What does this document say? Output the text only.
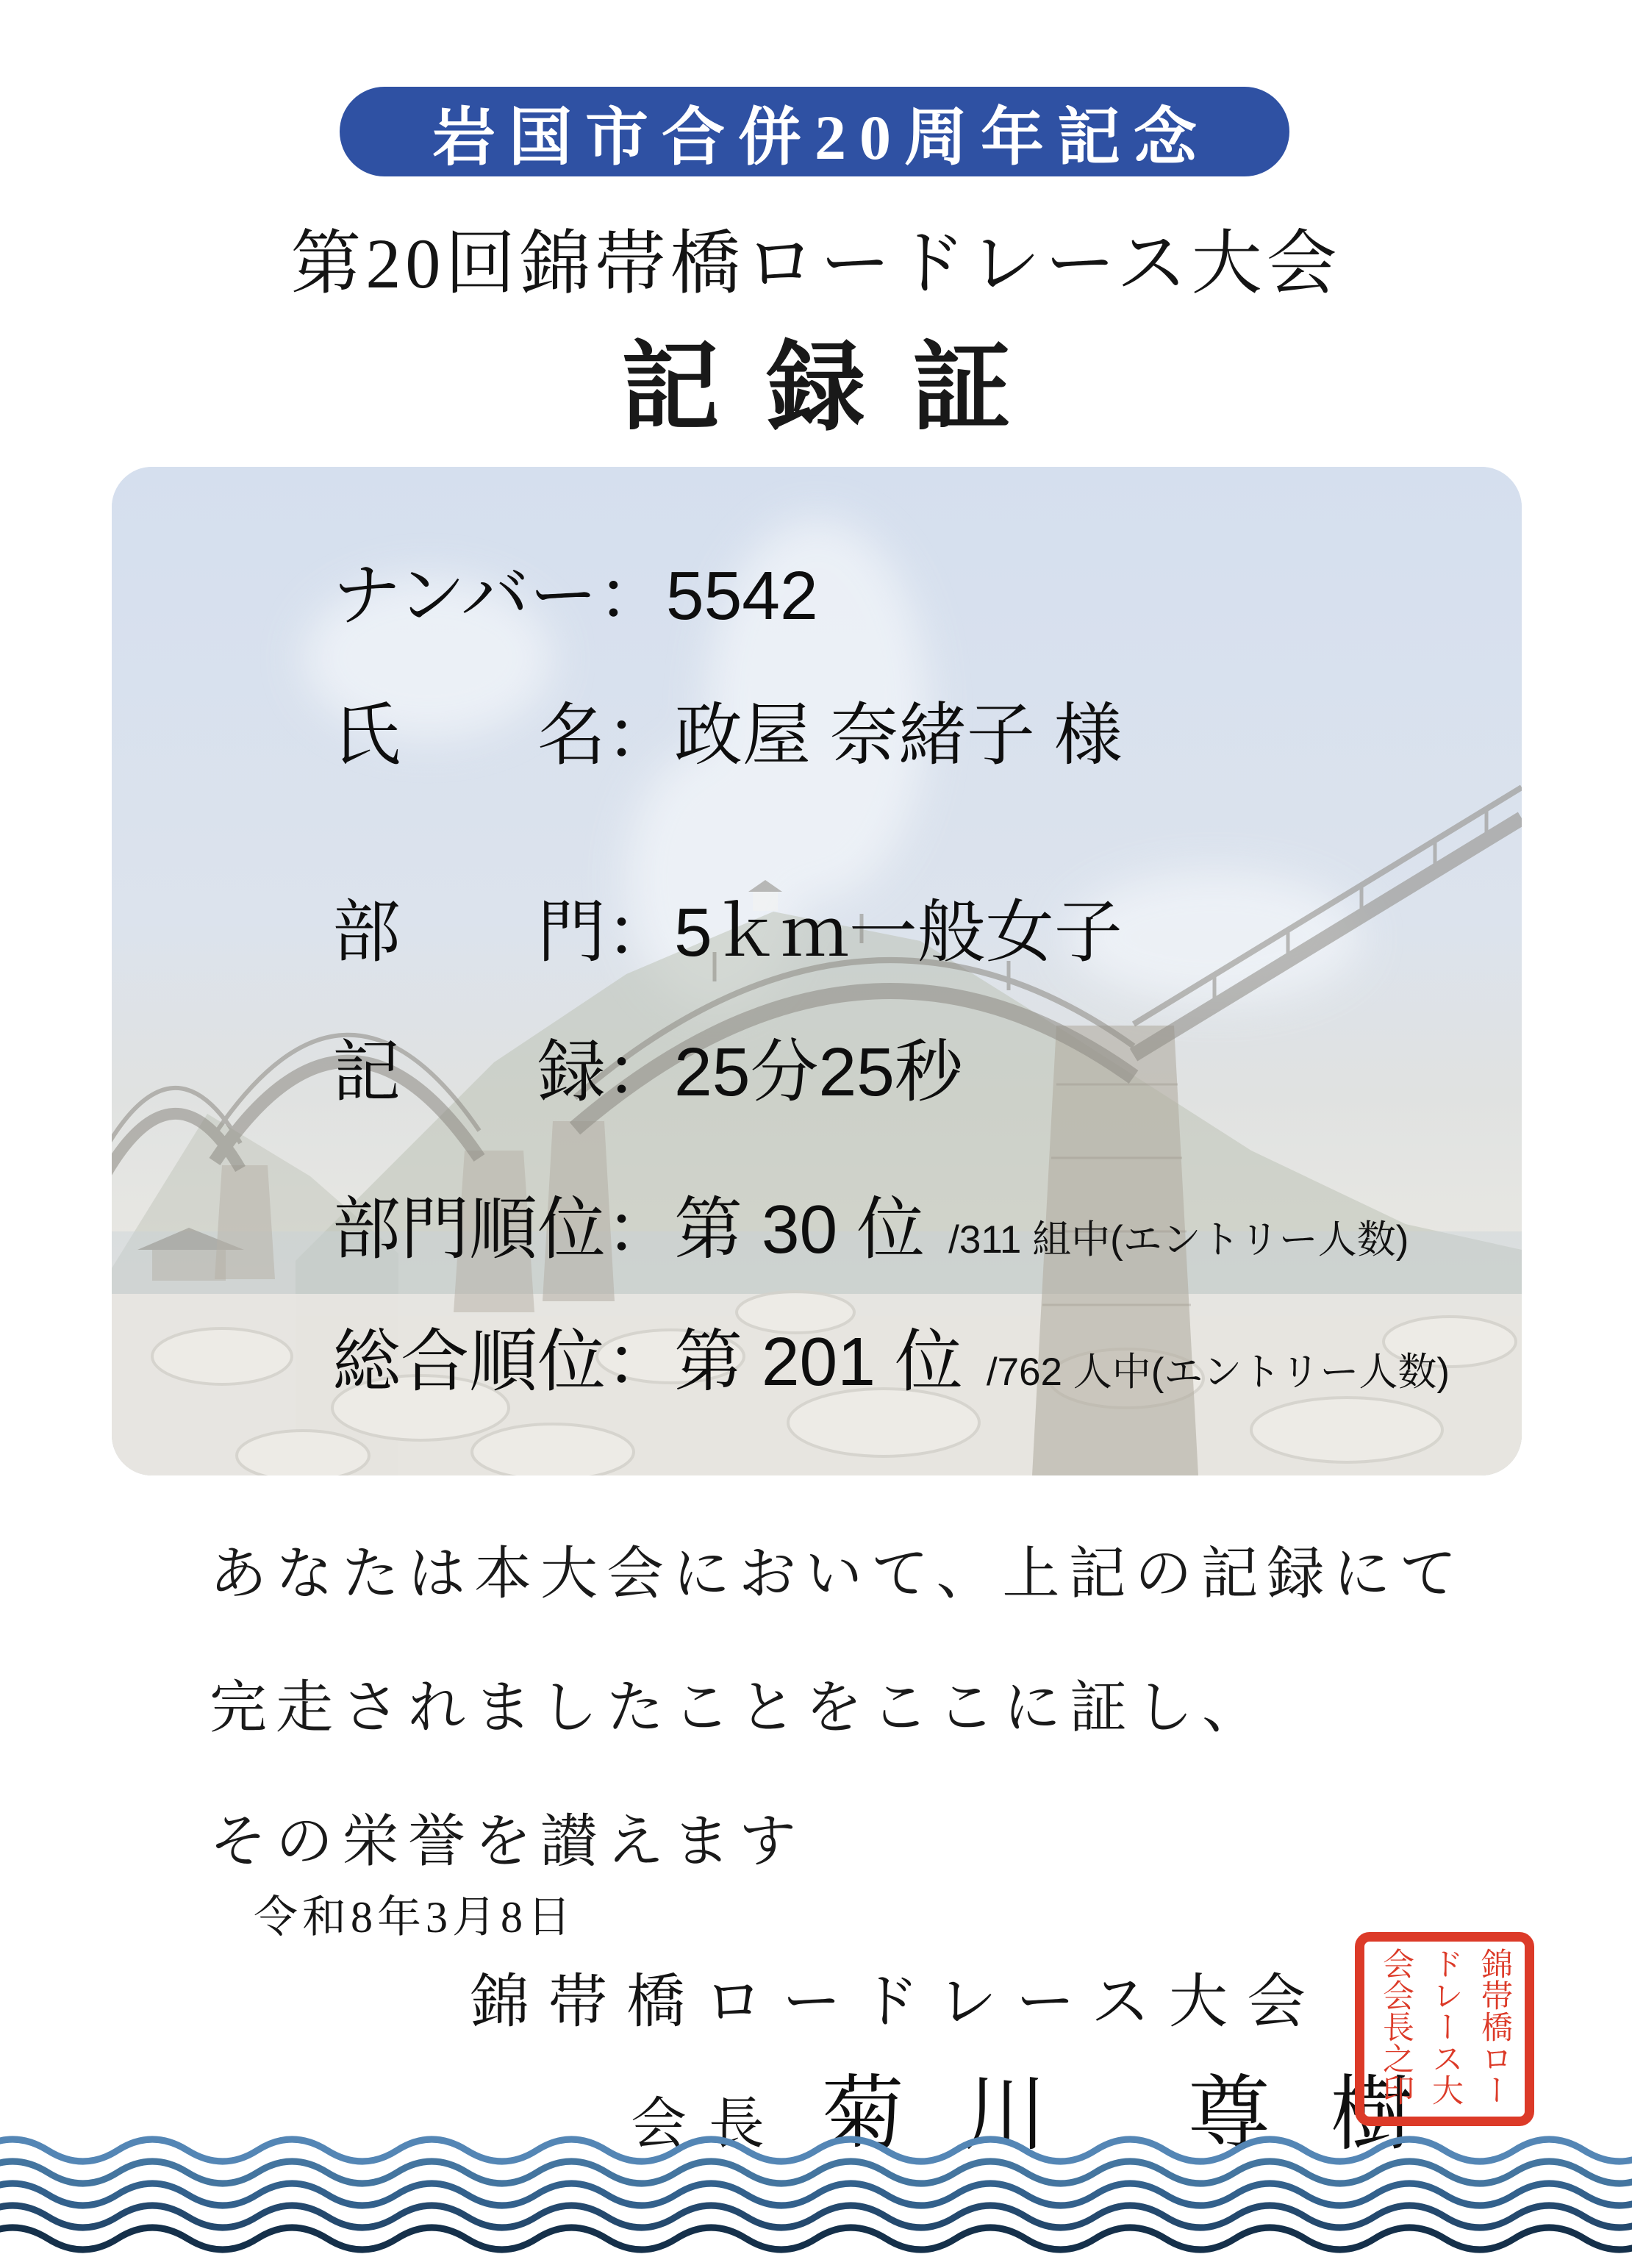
岩国市合併20周年記念
第20回錦帯橋ロードレース大会
記録証
ナンバー：5542
氏　　名：政屋 奈緒子 様
部　　門：5ｋｍ一般女子
記　　録：25分25秒
部門順位：第 30 位 /311 組中(エントリー人数)
総合順位：第 201 位 /762 人中(エントリー人数)
あなたは本大会において、上記の記録にて
完走されましたことをここに証し、
その栄誉を讃えます
令和8年3月8日
錦帯橋ロードレース大会
会長 菊川 尊樹
錦帯橋ロードレース大会会長之印
